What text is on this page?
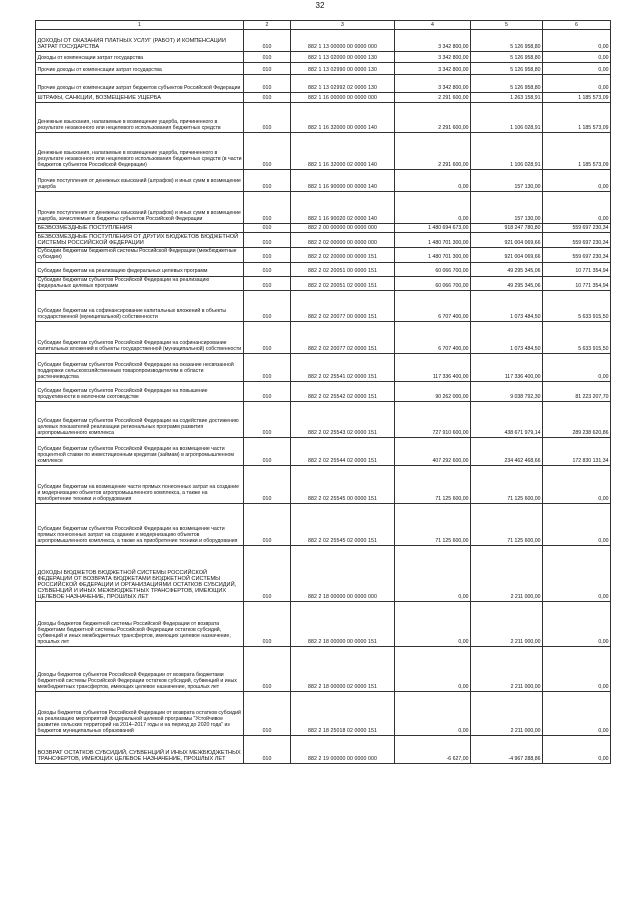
32
1	2	3	4	5	6
ДОХОДЫ ОТ ОКАЗАНИЯ ПЛАТНЫХ УСЛУГ (РАБОТ) И КОМПЕНСАЦИИ ЗАТРАТ ГОСУДАРСТВА	010	882 1 13 00000 00 0000 000	3 342 800,00	5 126 958,80	0,00
Доходы от компенсации затрат государства	010	882 1 13 02000 00 0000 130	3 342 800,00	5 126 958,80	0,00
Прочие доходы от компенсации затрат государства	010	882 1 13 02990 00 0000 130	3 342 800,00	5 126 958,80	0,00
Прочие доходы от компенсации затрат бюджетов субъектов Российской Федерации	010	882 1 13 02992 02 0000 130	3 342 800,00	5 126 958,80	0,00
ШТРАФЫ, САНКЦИИ, ВОЗМЕЩЕНИЕ УЩЕРБА	010	882 1 16 00000 00 0000 000	2 291 600,00	1 263 158,91	1 185 573,09
Денежные взыскания, налагаемые в возмещение ущерба, причиненного в результате незаконного или нецелевого использования бюджетных средств	010	882 1 16 32000 00 0000 140	2 291 600,00	1 106 028,91	1 185 573,09
Денежные взыскания, налагаемые в возмещение ущерба, причиненного в результате незаконного или нецелевого использования бюджетных средств (в части бюджетов субъектов Российской Федерации)	010	882 1 16 32000 02 0000 140	2 291 600,00	1 106 028,91	1 185 573,09
Прочие поступления от денежных взысканий (штрафов) и иных сумм в возмещение ущерба	010	882 1 16 90000 00 0000 140	0,00	157 130,00	0,00
Прочие поступления от денежных взысканий (штрафов) и иных сумм в возмещение ущерба, зачисляемые в бюджеты субъектов Российской Федерации	010	882 1 16 90020 02 0000 140	0,00	157 130,00	0,00
БЕЗВОЗМЕЗДНЫЕ ПОСТУПЛЕНИЯ	010	882 2 00 00000 00 0000 000	1 480 694 673,00	918 247 780,80	559 697 230,34
БЕЗВОЗМЕЗДНЫЕ ПОСТУПЛЕНИЯ ОТ ДРУГИХ БЮДЖЕТОВ БЮДЖЕТНОЙ СИСТЕМЫ РОССИЙСКОЙ ФЕДЕРАЦИИ	010	882 2 02 00000 00 0000 000	1 480 701 300,00	921 004 069,66	559 697 230,34
Субсидии бюджетам бюджетной системы Российской Федерации (межбюджетные субсидии)	010	882 2 02 20000 00 0000 151	1 480 701 300,00	921 004 069,66	559 697 230,34
Субсидии бюджетам на реализацию федеральных целевых программ	010	882 2 02 20051 00 0000 151	60 066 700,00	49 295 345,06	10 771 354,94
Субсидии бюджетам субъектов Российской Федерации на реализацию федеральных целевых программ	010	882 2 02 20051 02 0000 151	60 066 700,00	49 295 345,06	10 771 354,94
Субсидии бюджетам на софинансирование капитальных вложений в объекты государственной (муниципальной) собственности	010	882 2 02 20077 00 0000 151	6 707 400,00	1 073 484,50	5 633 915,50
Субсидии бюджетам субъектов Российской Федерации на софинансирование капитальных вложений в объекты государственной (муниципальной) собственности	010	882 2 02 20077 02 0000 151	6 707 400,00	1 073 484,50	5 633 915,50
Субсидии бюджетам субъектов Российской Федерации на оказание несвязанной поддержки сельскохозяйственным товаропроизводителям в области растениеводства	010	882 2 02 25541 02 0000 151	117 336 400,00	117 336 400,00	0,00
Субсидии бюджетам субъектов Российской Федерации на повышение продуктивности в молочном скотоводстве	010	882 2 02 25542 02 0000 151	90 262 000,00	9 038 792,30	81 223 207,70
Субсидии бюджетам субъектов Российской Федерации на содействие достижению целевых показателей реализации региональных программ развития агропромышленного комплекса	010	882 2 02 25543 02 0000 151	727 910 600,00	438 671 979,14	289 238 620,86
Субсидии бюджетам субъектов Российской Федерации на возмещение части процентной ставки по инвестиционным кредитам (займам) в агропромышленном комплексе	010	882 2 02 25544 02 0000 151	407 292 600,00	234 462 468,66	172 830 131,34
Субсидии бюджетам на возмещение части прямых понесенных затрат на создание и модернизацию объектов агропромышленного комплекса, а также на приобретение техники и оборудования	010	882 2 02 25545 00 0000 151	71 125 600,00	71 125 600,00	0,00
Субсидии бюджетам субъектов Российской Федерации на возмещение части прямых понесенных затрат на создание и модернизацию объектов агропромышленного комплекса, а также на приобретение техники и оборудования	010	882 2 02 25545 02 0000 151	71 125 600,00	71 125 600,00	0,00
ДОХОДЫ БЮДЖЕТОВ БЮДЖЕТНОЙ СИСТЕМЫ РОССИЙСКОЙ ФЕДЕРАЦИИ ОТ ВОЗВРАТА БЮДЖЕТАМИ БЮДЖЕТНОЙ СИСТЕМЫ РОССИЙСКОЙ ФЕДЕРАЦИИ И ОРГАНИЗАЦИЯМИ ОСТАТКОВ СУБСИДИЙ, СУБВЕНЦИЙ И ИНЫХ МЕЖБЮДЖЕТНЫХ ТРАНСФЕРТОВ, ИМЕЮЩИХ ЦЕЛЕВОЕ НАЗНАЧЕНИЕ, ПРОШЛЫХ ЛЕТ	010	882 2 18 00000 00 0000 000	0,00	2 211 000,00	0,00
Доходы бюджетов бюджетной системы Российской Федерации от возврата бюджетами бюджетной системы Российской Федерации остатков субсидий, субвенций и иных межбюджетных трансфертов, имеющих целевое назначение, прошлых лет	010	882 2 18 00000 00 0000 151	0,00	2 211 000,00	0,00
Доходы бюджетов субъектов Российской Федерации от возврата бюджетами бюджетной системы Российской Федерации остатков субсидий, субвенций и иных межбюджетных трансфертов, имеющих целевое назначение, прошлых лет	010	882 2 18 00000 02 0000 151	0,00	2 211 000,00	0,00
Доходы бюджетов субъектов Российской Федерации от возврата остатков субсидий на реализацию мероприятий федеральной целевой программы "Устойчивое развитие сельских территорий на 2014–2017 годы и на период до 2020 года" из бюджетов муниципальных образований	010	882 2 18 25018 02 0000 151	0,00	2 211 000,00	0,00
ВОЗВРАТ ОСТАТКОВ СУБСИДИЙ, СУБВЕНЦИЙ И ИНЫХ МЕЖБЮДЖЕТНЫХ ТРАНСФЕРТОВ, ИМЕЮЩИХ ЦЕЛЕВОЕ НАЗНАЧЕНИЕ, ПРОШЛЫХ ЛЕТ	010	882 2 19 00000 00 0000 000	-6 627,00	-4 967 288,86	0,00
